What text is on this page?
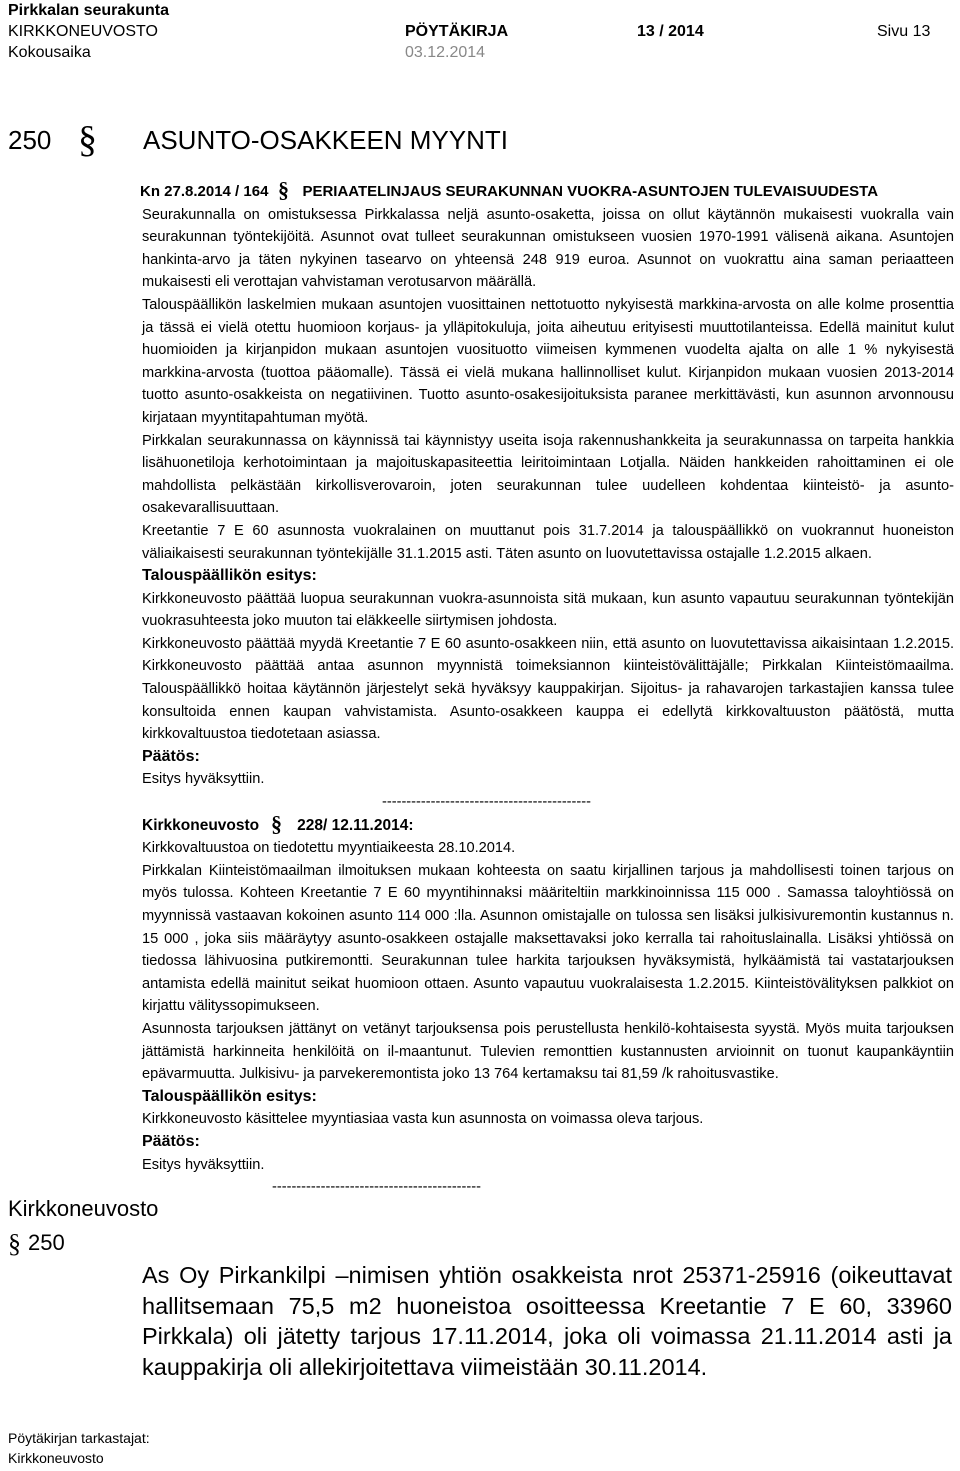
Pirkkalan seurakunta
KIRKKONEUVOSTO	PÖYTÄKIRJA	13 / 2014	Sivu 13
Kokousaika	03.12.2014
250 § ASUNTO-OSAKKEEN MYYNTI

Kn 27.8.2014 / 164 § PERIAATELINJAUS SEURAKUNNAN VUOKRA-ASUNTOJEN TULEVAISUUDESTA

Seurakunnalla on omistuksessa Pirkkalassa neljä asunto-osaketta, joissa on ollut käytännön mukaisesti vuokralla vain seurakunnan työntekijöitä. Asunnot ovat tulleet seurakunnan omistukseen vuosien 1970-1991 välisenä aikana. Asuntojen hankinta-arvo ja täten nykyinen tasearvo on yhteensä 248 919 euroa. Asunnot on vuokrattu aina saman periaatteen mukaisesti eli verottajan vahvistaman verotusarvon määrällä.

Talouspäällikön laskelmien mukaan asuntojen vuosittainen nettotuotto nykyisestä markkina-arvosta on alle kolme prosenttia ja tässä ei vielä otettu huomioon korjaus- ja ylläpitokuluja, joita aiheutuu erityisesti muuttotilanteissa. Edellä mainitut kulut huomioiden ja kirjanpidon mukaan asuntojen vuosituotto viimeisen kymmenen vuodelta ajalta on alle 1 % nykyisestä markkina-arvosta (tuottoa pääomalle). Tässä ei vielä mukana hallinnolliset kulut. Kirjanpidon mukaan vuosien 2013-2014 tuotto asunto-osakkeista on negatiivinen. Tuotto asunto-osakesijoituksista paranee merkittävästi, kun asunnon arvonnousu kirjataan myyntitapahtuman myötä.

Pirkkalan seurakunnassa on käynnissä tai käynnistyy useita isoja rakennushankkeita ja seurakunnassa on tarpeita hankkia lisähuonetiloja kerhotoimintaan ja majoituskapasiteettia leiritoimintaan Lotjalla. Näiden hankkeiden rahoittaminen ei ole mahdollista pelkästään kirkollisverovaroin, joten seurakunnan tulee uudelleen kohdentaa kiinteistö- ja asunto-osakevarallisuuttaan.

Kreetantie 7 E 60 asunnosta vuokralainen on muuttanut pois 31.7.2014 ja talouspäällikkö on vuokrannut huoneiston väliaikaisesti seurakunnan työntekijälle 31.1.2015 asti. Täten asunto on luovutettavissa ostajalle 1.2.2015 alkaen.

Talouspäällikön esitys:

Kirkkoneuvosto päättää luopua seurakunnan vuokra-asunnoista sitä mukaan, kun asunto vapautuu seurakunnan työntekijän vuokrasuhteesta joko muuton tai eläkkeelle siirtymisen johdosta.

Kirkkoneuvosto päättää myydä Kreetantie 7 E 60 asunto-osakkeen niin, että asunto on luovutettavissa aikaisintaan 1.2.2015. Kirkkoneuvosto päättää antaa asunnon myynnistä toimeksiannon kiinteistövälittäjälle; Pirkkalan Kiinteistömaailma. Talouspäällikkö hoitaa käytännön järjestelyt sekä hyväksyy kauppakirjan. Sijoitus- ja rahavarojen tarkastajien kanssa tulee konsultoida ennen kaupan vahvistamista. Asunto-osakkeen kauppa ei edellytä kirkkovaltuuston päätöstä, mutta kirkkovaltuustoa tiedotetaan asiassa.

Päätös:

Esitys hyväksyttiin.

-------------------------------------------

Kirkkoneuvosto § 228/ 12.11.2014:

Kirkkovaltuustoa on tiedotettu myyntiaikeesta 28.10.2014.

Pirkkalan Kiinteistömaailman ilmoituksen mukaan kohteesta on saatu kirjallinen tarjous ja mahdollisesti toinen tarjous on myös tulossa. Kohteen Kreetantie 7 E 60 myyntihinnaksi määriteltiin markkinoinnissa 115 000 . Samassa taloyhtiössä on myynnissä vastaavan kokoinen asunto 114 000 :lla. Asunnon omistajalle on tulossa sen lisäksi julkisivuremontin kustannus n. 15 000 , joka siis määräytyy asunto-osakkeen ostajalle maksettavaksi joko kerralla tai rahoituslainalla. Lisäksi yhtiössä on tiedossa lähivuosina putkiremontti. Seurakunnan tulee harkita tarjouksen hyväksymistä, hylkäämistä tai vastatarjouksen antamista edellä mainitut seikat huomioon ottaen. Asunto vapautuu vuokralaisesta 1.2.2015. Kiinteistövälityksen palkkiot on kirjattu välityssopimukseen.

Asunnosta tarjouksen jättänyt on vetänyt tarjouksensa pois perustellusta henkilö-kohtaisesta syystä. Myös muita tarjouksen jättämistä harkinneita henkilöitä on il-maantunut. Tulevien remonttien kustannusten arvioinnit on tuonut kaupankäyntiin epävarmuutta. Julkisivu- ja parvekeremontista joko 13 764 kertamaksu tai 81,59 /k rahoitusvastike.

Talouspäällikön esitys:

Kirkkoneuvosto käsittelee myyntiasiaa vasta kun asunnosta on voimassa oleva tarjous.

Päätös:

Esitys hyväksyttiin.

-------------------------------------------

Kirkkoneuvosto
§ 250

As Oy Pirkankilpi –nimisen yhtiön osakkeista nrot 25371-25916 (oikeuttavat hallitsemaan 75,5 m2 huoneistoa osoitteessa Kreetantie 7 E 60, 33960 Pirkkala) oli jätetty tarjous 17.11.2014, joka oli voimassa 21.11.2014 asti ja kauppakirja oli allekirjoitettava viimeistään 30.11.2014.

Pöytäkirjan tarkastajat:
Kirkkoneuvosto
